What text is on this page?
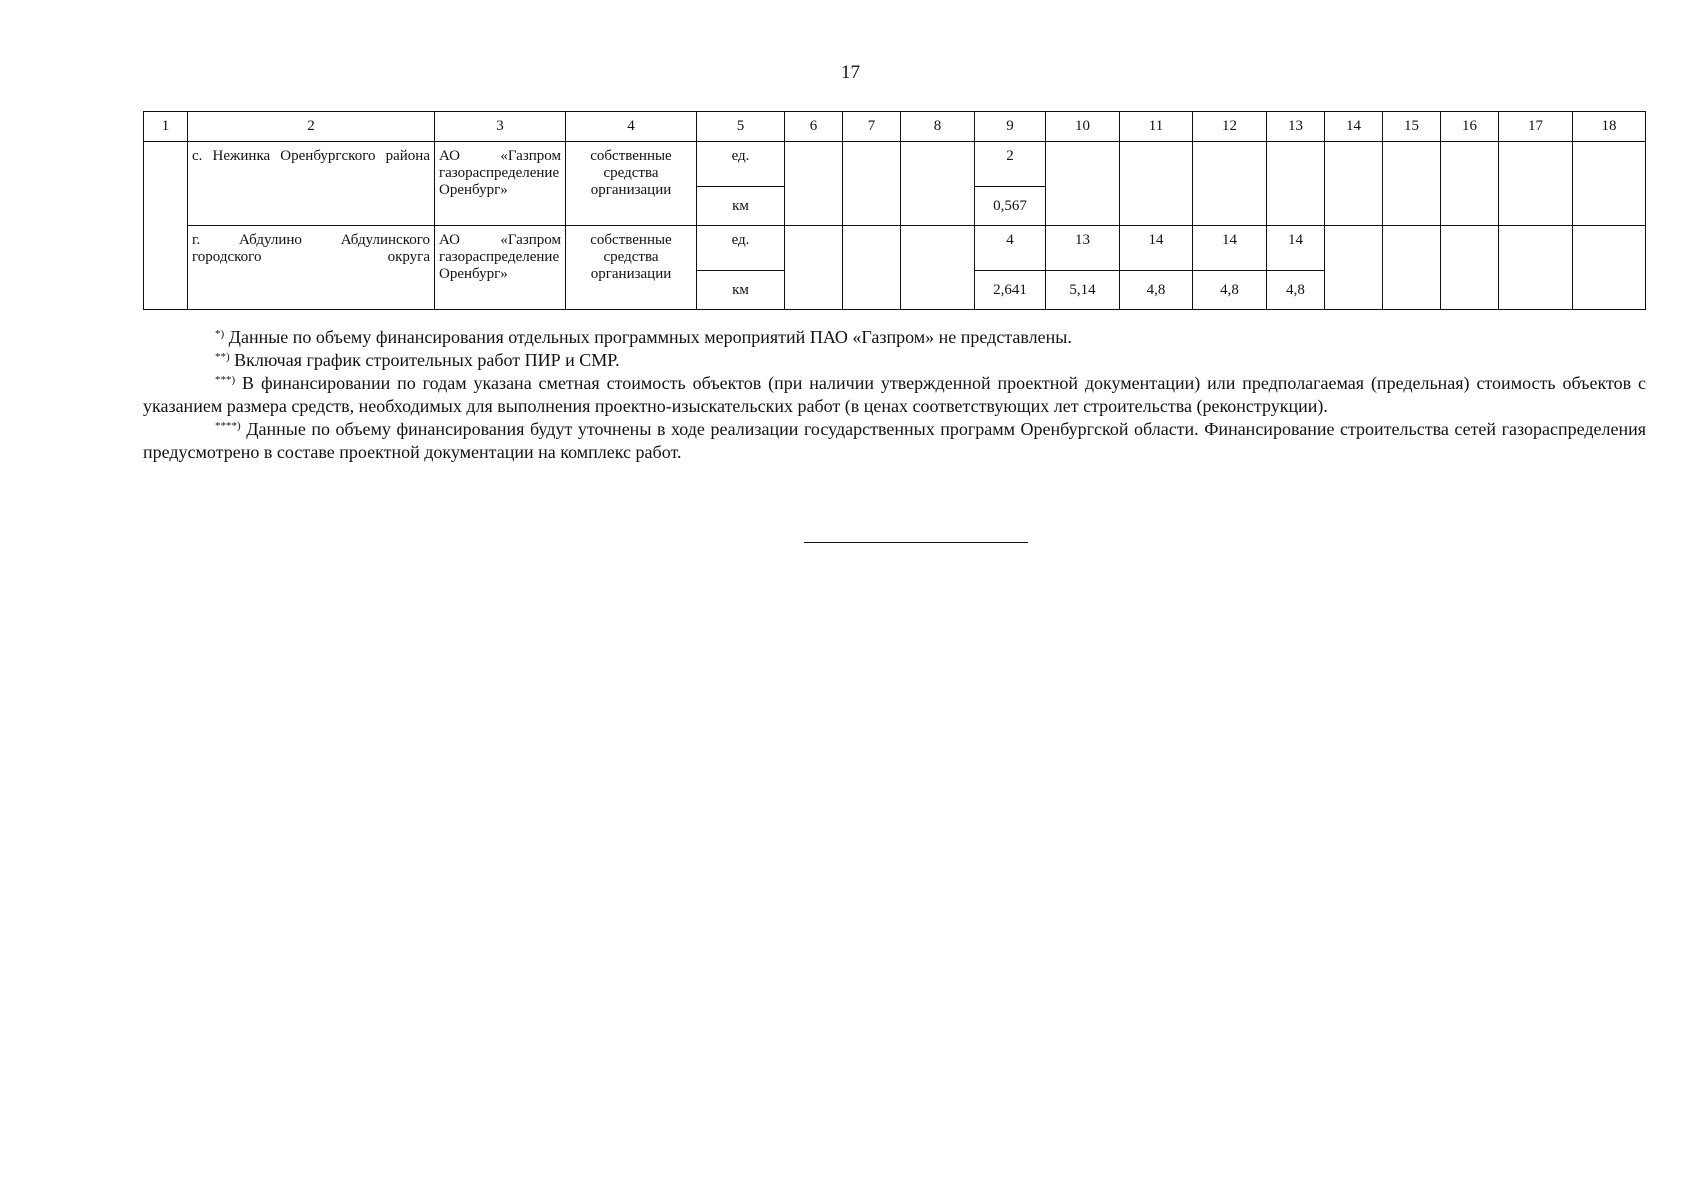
17
1	2	3	4	5	6	7	8	9	10	11	12	13	14	15	16	17	18
	с. Нежинка Оренбургского района	АО «Газпром газораспределение Оренбург»	собственные средства организации	ед.				2									
				км				0,567									
	г. Абдулино Абдулинского городского округа	АО «Газпром газораспределение Оренбург»	собственные средства организации	ед.				4	13	14	14	14					
				км				2,641	5,14	4,8	4,8	4,8					

*) Данные по объему финансирования отдельных программных мероприятий ПАО «Газпром» не представлены.

**) Включая график строительных работ ПИР и СМР.

***) В финансировании по годам указана сметная стоимость объектов (при наличии утвержденной проектной документации) или предполагаемая (предельная) стоимость объектов с указанием размера средств, необходимых для выполнения проектно-изыскательских работ (в ценах соответствующих лет строительства (реконструкции).

****) Данные по объему финансирования будут уточнены в ходе реализации государственных программ Оренбургской области. Финансирование строительства сетей газораспределения предусмотрено в составе проектной документации на комплекс работ.
